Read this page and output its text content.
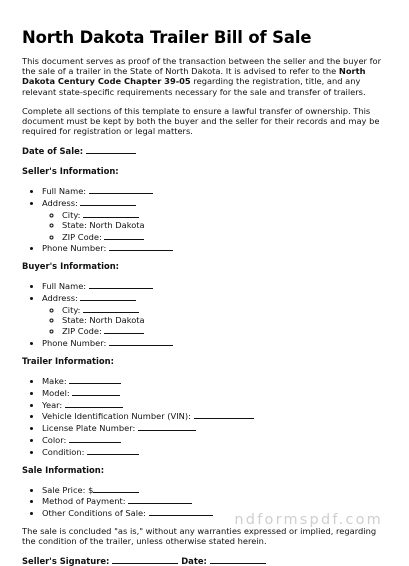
North Dakota Trailer Bill of Sale

This document serves as proof of the transaction between the seller and the buyer for the sale of a trailer in the State of North Dakota. It is advised to refer to the North Dakota Century Code Chapter 39-05 regarding the registration, title, and any relevant state-specific requirements necessary for the sale and transfer of trailers.

Complete all sections of this template to ensure a lawful transfer of ownership. This document must be kept by both the buyer and the seller for their records and may be required for registration or legal matters.

Date of Sale:
Seller's Information:
• Full Name:
• Address:
◦ City:
◦ State: North Dakota
◦ ZIP Code:
• Phone Number:
Buyer's Information:
• Full Name:
• Address:
◦ City:
◦ State: North Dakota
◦ ZIP Code:
• Phone Number:
Trailer Information:
• Make:
• Model:
• Year:
• Vehicle Identification Number (VIN):
• License Plate Number:
• Color:
• Condition:
Sale Information:
• Sale Price: $
• Method of Payment:
• Other Conditions of Sale:

The sale is concluded "as is," without any warranties expressed or implied, regarding the condition of the trailer, unless otherwise stated herein.

Seller's Signature:	Date:
ndformspdf.com
